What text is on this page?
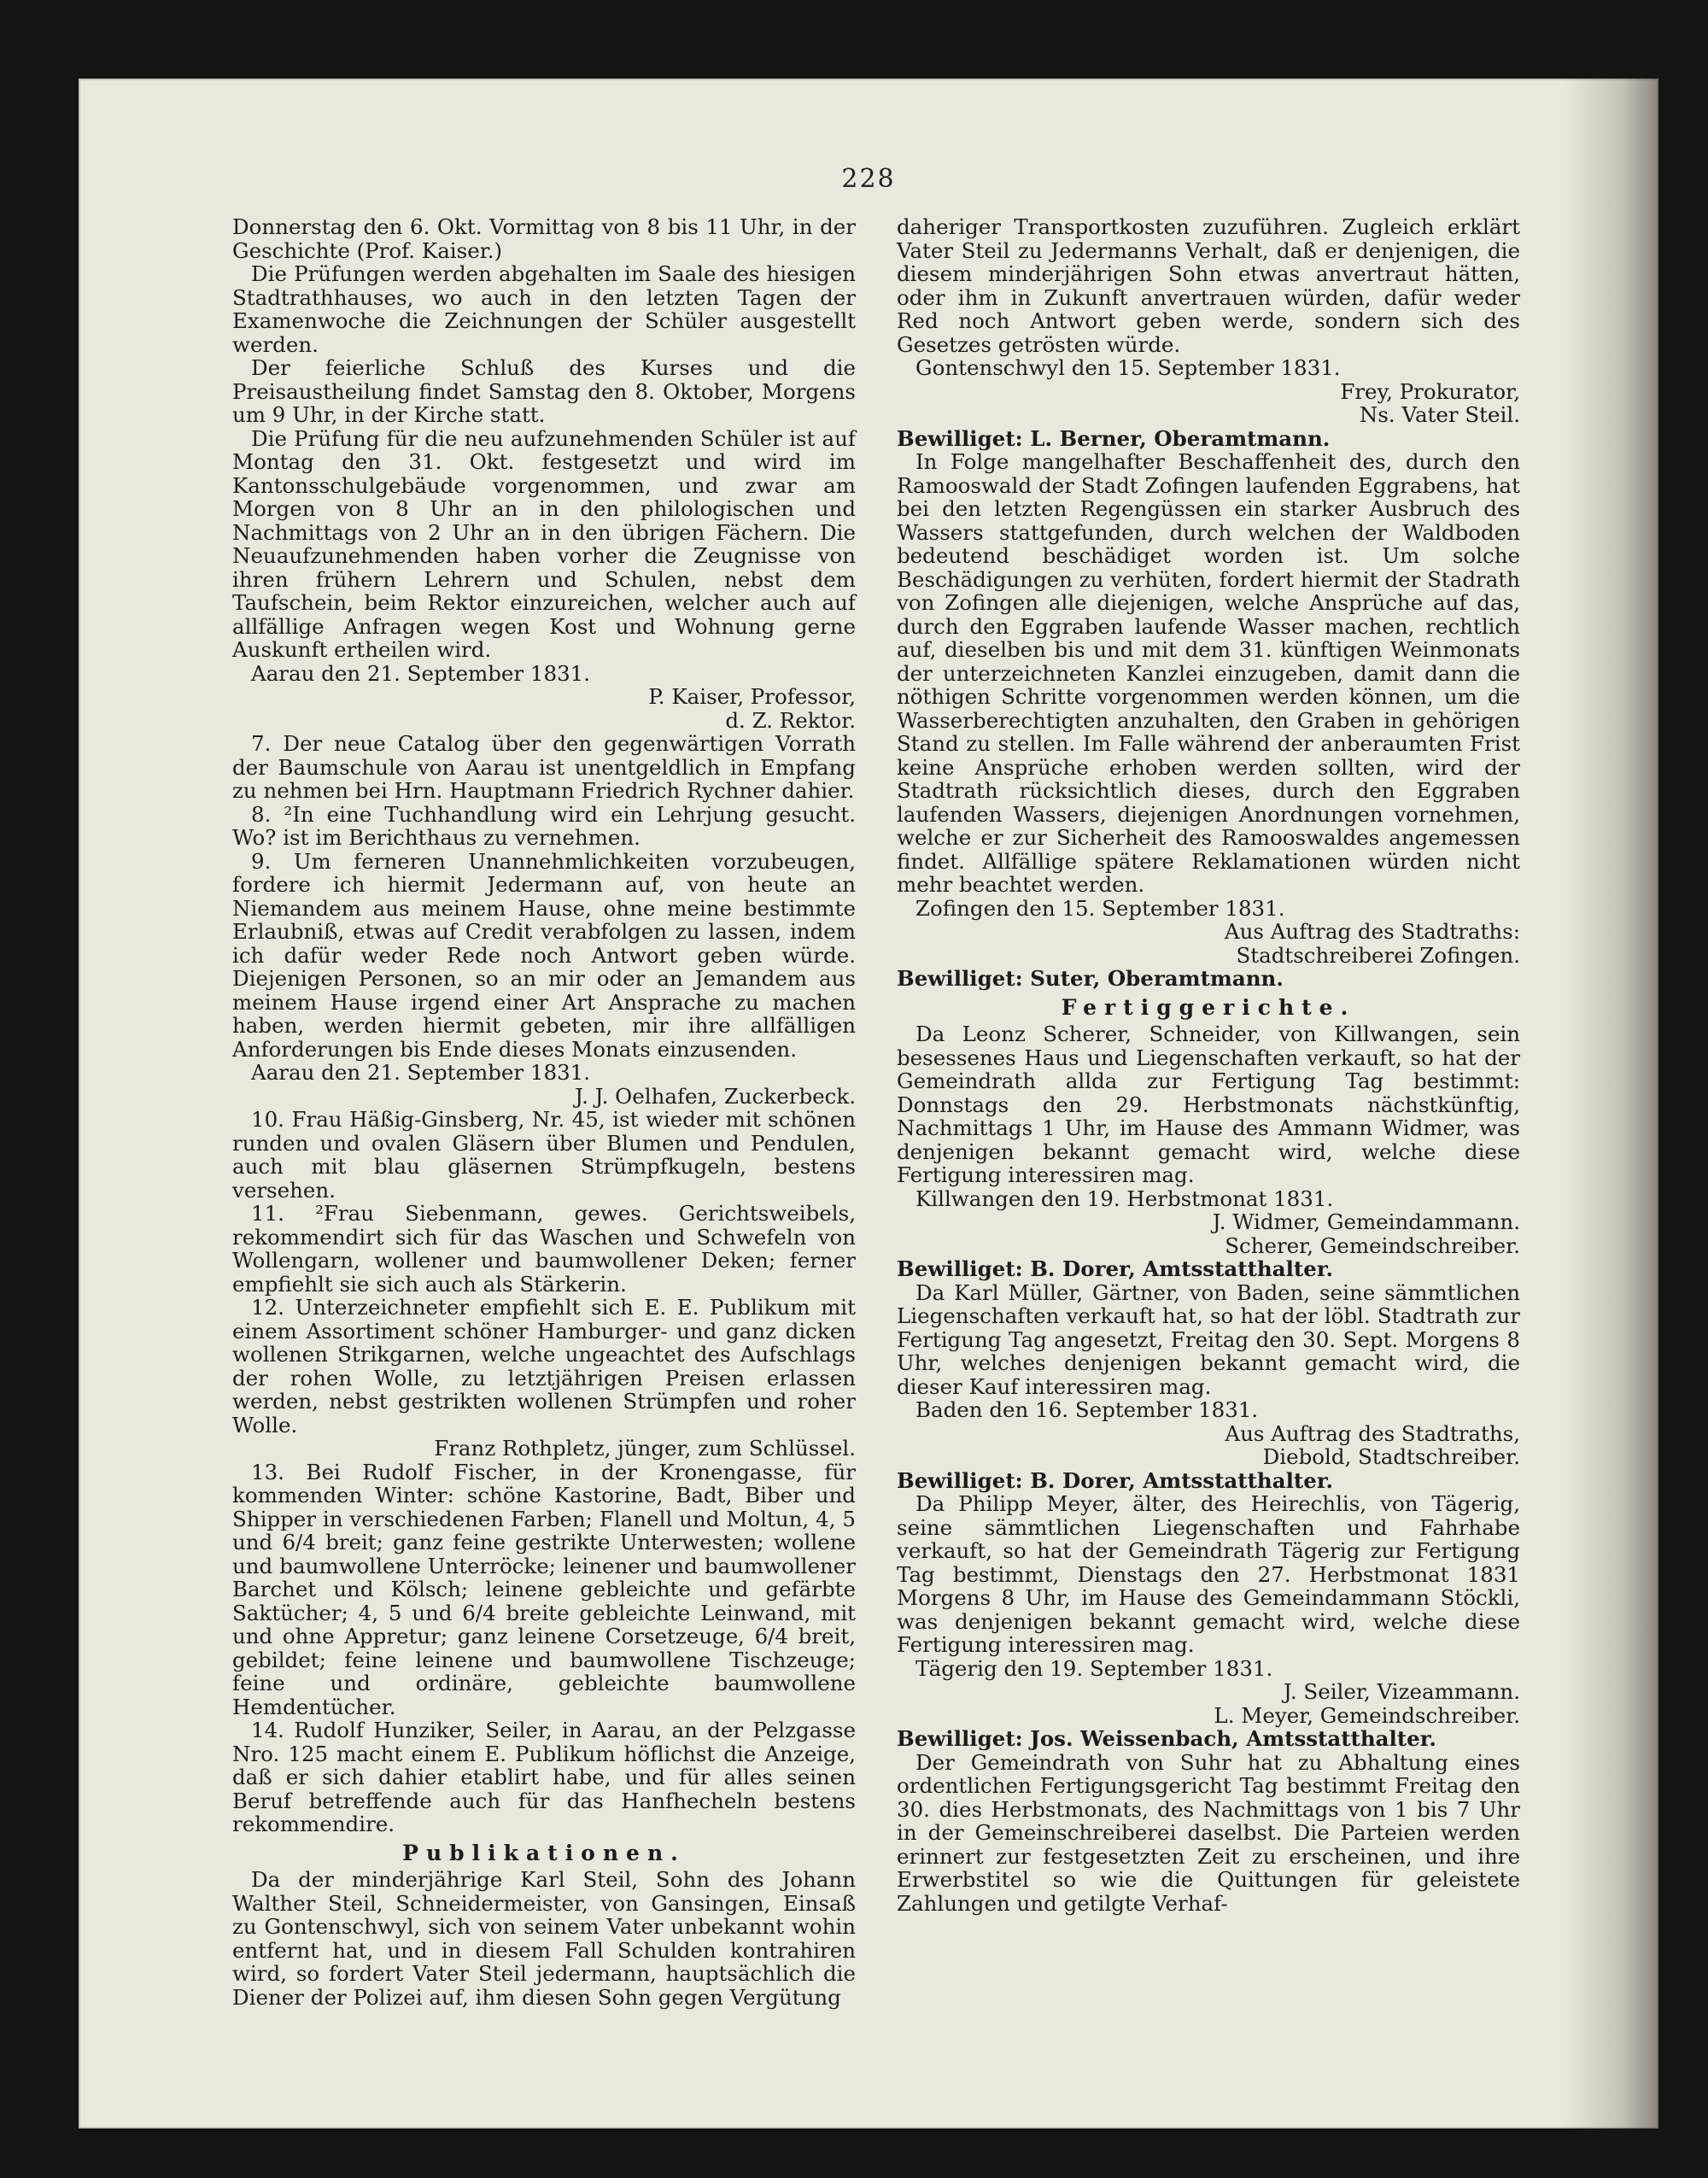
228

Donnerstag den 6. Okt. Vormittag von 8 bis 11 Uhr, in der Geschichte (Prof. Kaiser.)

Die Prüfungen werden abgehalten im Saale des hiesigen Stadtrathhauses, wo auch in den letzten Tagen der Examenwoche die Zeichnungen der Schüler ausgestellt werden.

Der feierliche Schluß des Kurses und die Preisaustheilung findet Samstag den 8. Oktober, Morgens um 9 Uhr, in der Kirche statt.

Die Prüfung für die neu aufzunehmenden Schüler ist auf Montag den 31. Okt. festgesetzt und wird im Kantonsschulgebäude vorgenommen, und zwar am Morgen von 8 Uhr an in den philologischen und Nachmittags von 2 Uhr an in den übrigen Fächern. Die Neuaufzunehmenden haben vorher die Zeugnisse von ihren frühern Lehrern und Schulen, nebst dem Taufschein, beim Rektor einzureichen, welcher auch auf allfällige Anfragen wegen Kost und Wohnung gerne Auskunft ertheilen wird.

Aarau den 21. September 1831.
P. Kaiser, Professor,
d. Z. Rektor.

7. Der neue Catalog über den gegenwärtigen Vorrath der Baumschule von Aarau ist unentgeldlich in Empfang zu nehmen bei Hrn. Hauptmann Friedrich Rychner dahier.

8. ²In eine Tuchhandlung wird ein Lehrjung gesucht. Wo? ist im Berichthaus zu vernehmen.

9. Um ferneren Unannehmlichkeiten vorzubeugen, fordere ich hiermit Jedermann auf, von heute an Niemandem aus meinem Hause, ohne meine bestimmte Erlaubniß, etwas auf Credit verabfolgen zu lassen, indem ich dafür weder Rede noch Antwort geben würde. Diejenigen Personen, so an mir oder an Jemandem aus meinem Hause irgend einer Art Ansprache zu machen haben, werden hiermit gebeten, mir ihre allfälligen Anforderungen bis Ende dieses Monats einzusenden.

Aarau den 21. September 1831.
J. J. Oelhafen, Zuckerbeck.

10. Frau Häßig-Ginsberg, Nr. 45, ist wieder mit schönen runden und ovalen Gläsern über Blumen und Pendulen, auch mit blau gläsernen Strümpfkugeln, bestens versehen.

11. ²Frau Siebenmann, gewes. Gerichtsweibels, rekommendirt sich für das Waschen und Schwefeln von Wollengarn, wollener und baumwollener Deken; ferner empfiehlt sie sich auch als Stärkerin.

12. Unterzeichneter empfiehlt sich E. E. Publikum mit einem Assortiment schöner Hamburger- und ganz dicken wollenen Strikgarnen, welche ungeachtet des Aufschlags der rohen Wolle, zu letztjährigen Preisen erlassen werden, nebst gestrikten wollenen Strümpfen und roher Wolle.

Franz Rothpletz, jünger, zum Schlüssel.

13. Bei Rudolf Fischer, in der Kronengasse, für kommenden Winter: schöne Kastorine, Badt, Biber und Shipper in verschiedenen Farben; Flanell und Moltun, 4, 5 und 6/4 breit; ganz feine gestrikte Unterwesten; wollene und baumwollene Unterröcke; leinener und baumwollener Barchet und Kölsch; leinene gebleichte und gefärbte Saktücher; 4, 5 und 6/4 breite gebleichte Leinwand, mit und ohne Appretur; ganz leinene Corsetzeuge, 6/4 breit, gebildet; feine leinene und baumwollene Tischzeuge; feine und ordinäre, gebleichte baumwollene Hemdentücher.

14. Rudolf Hunziker, Seiler, in Aarau, an der Pelzgasse Nro. 125 macht einem E. Publikum höflichst die Anzeige, daß er sich dahier etablirt habe, und für alles seinen Beruf betreffende auch für das Hanfhecheln bestens rekommendire.

Publikationen.

Da der minderjährige Karl Steil, Sohn des Johann Walther Steil, Schneidermeister, von Gansingen, Einsaß zu Gontenschwyl, sich von seinem Vater unbekannt wohin entfernt hat, und in diesem Fall Schulden kontrahiren wird, so fordert Vater Steil jedermann, hauptsächlich die Diener der Polizei auf, ihm diesen Sohn gegen Vergütung

daheriger Transportkosten zuzuführen. Zugleich erklärt Vater Steil zu Jedermanns Verhalt, daß er denjenigen, die diesem minderjährigen Sohn etwas anvertraut hätten, oder ihm in Zukunft anvertrauen würden, dafür weder Red noch Antwort geben werde, sondern sich des Gesetzes getrösten würde.

Gontenschwyl den 15. September 1831.
Frey, Prokurator,
Ns. Vater Steil.
Bewilliget: L. Berner, Oberamtmann.

In Folge mangelhafter Beschaffenheit des, durch den Ramooswald der Stadt Zofingen laufenden Eggrabens, hat bei den letzten Regengüssen ein starker Ausbruch des Wassers stattgefunden, durch welchen der Waldboden bedeutend beschädiget worden ist. Um solche Beschädigungen zu verhüten, fordert hiermit der Stadrath von Zofingen alle diejenigen, welche Ansprüche auf das, durch den Eggraben laufende Wasser machen, rechtlich auf, dieselben bis und mit dem 31. künftigen Weinmonats der unterzeichneten Kanzlei einzugeben, damit dann die nöthigen Schritte vorgenommen werden können, um die Wasserberechtigten anzuhalten, den Graben in gehörigen Stand zu stellen. Im Falle während der anberaumten Frist keine Ansprüche erhoben werden sollten, wird der Stadtrath rücksichtlich dieses, durch den Eggraben laufenden Wassers, diejenigen Anordnungen vornehmen, welche er zur Sicherheit des Ramooswaldes angemessen findet. Allfällige spätere Reklamationen würden nicht mehr beachtet werden.

Zofingen den 15. September 1831.
Aus Auftrag des Stadtraths:
Stadtschreiberei Zofingen.
Bewilliget: Suter, Oberamtmann.
Fertiggerichte.

Da Leonz Scherer, Schneider, von Killwangen, sein besessenes Haus und Liegenschaften verkauft, so hat der Gemeindrath allda zur Fertigung Tag bestimmt: Donnstags den 29. Herbstmonats nächstkünftig, Nachmittags 1 Uhr, im Hause des Ammann Widmer, was denjenigen bekannt gemacht wird, welche diese Fertigung interessiren mag.

Killwangen den 19. Herbstmonat 1831.
J. Widmer, Gemeindammann.
Scherer, Gemeindschreiber.
Bewilliget: B. Dorer, Amtsstatthalter.

Da Karl Müller, Gärtner, von Baden, seine sämmtlichen Liegenschaften verkauft hat, so hat der löbl. Stadtrath zur Fertigung Tag angesetzt, Freitag den 30. Sept. Morgens 8 Uhr, welches denjenigen bekannt gemacht wird, die dieser Kauf interessiren mag.

Baden den 16. September 1831.
Aus Auftrag des Stadtraths,
Diebold, Stadtschreiber.
Bewilliget: B. Dorer, Amtsstatthalter.

Da Philipp Meyer, älter, des Heirechlis, von Tägerig, seine sämmtlichen Liegenschaften und Fahrhabe verkauft, so hat der Gemeindrath Tägerig zur Fertigung Tag bestimmt, Dienstags den 27. Herbstmonat 1831 Morgens 8 Uhr, im Hause des Gemeindammann Stöckli, was denjenigen bekannt gemacht wird, welche diese Fertigung interessiren mag.

Tägerig den 19. September 1831.
J. Seiler, Vizeammann.
L. Meyer, Gemeindschreiber.
Bewilliget: Jos. Weissenbach, Amtsstatthalter.

Der Gemeindrath von Suhr hat zu Abhaltung eines ordentlichen Fertigungsgericht Tag bestimmt Freitag den 30. dies Herbstmonats, des Nachmittags von 1 bis 7 Uhr in der Gemeinschreiberei daselbst. Die Parteien werden erinnert zur festgesetzten Zeit zu erscheinen, und ihre Erwerbstitel so wie die Quittungen für geleistete Zahlungen und getilgte Verhaf-
